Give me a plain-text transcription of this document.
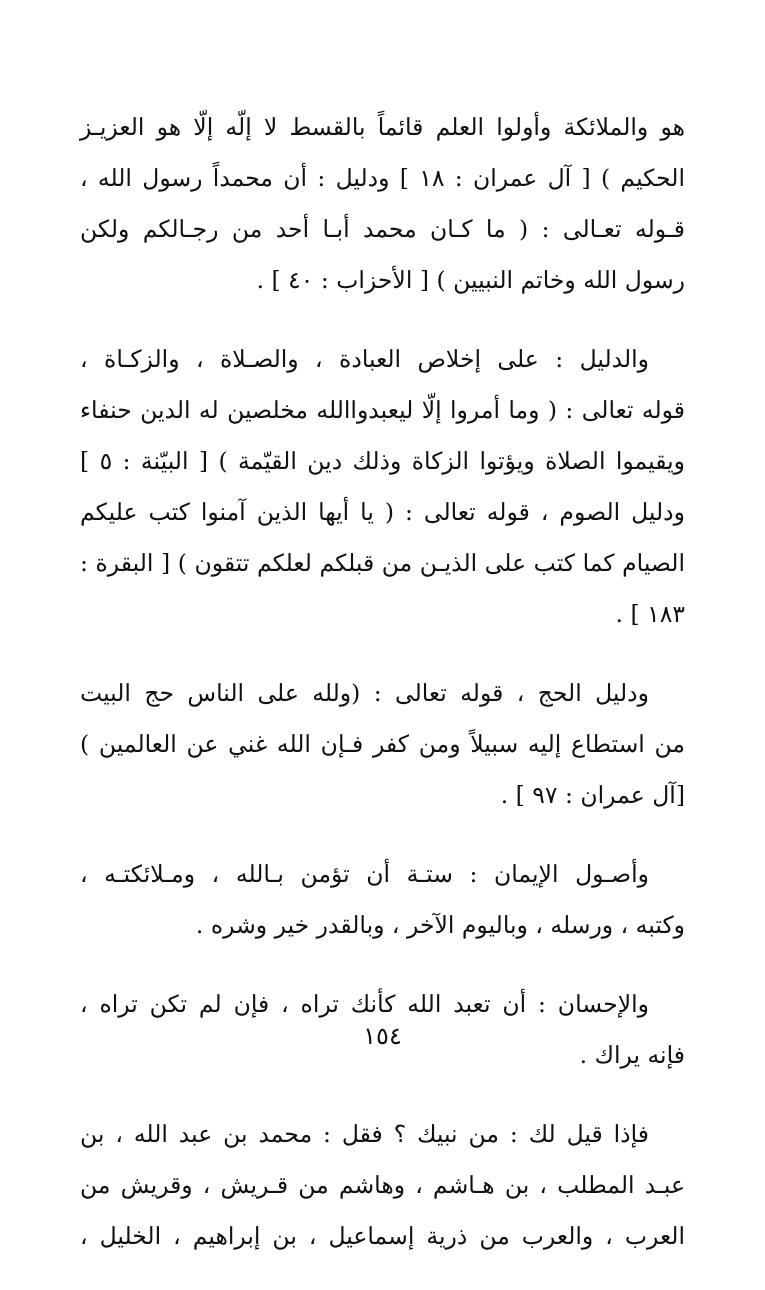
هو والملائكة وأولوا العلم قائماً بالقسط لا إلّه إلّا هو العزيـز
الحكيم ) [ آل عمران : ١٨ ] ودليل : أن محمداً رسول الله ،
قـوله تعـالى : ( ما كـان محمد أبـا أحد من رجـالكم ولكن
رسول الله وخاتم النبيين ) [ الأحزاب : ٤٠ ] .

والدليل : على إخلاص العبادة ، والصـلاة ، والزكـاة ،
قوله تعالى : ( وما أمروا إلّا ليعبدواالله مخلصين له الدين حنفاء
ويقيموا الصلاة ويؤتوا الزكاة وذلك دين القيّمة ) [ البيّنة : ٥ ]
ودليل الصوم ، قوله تعالى : ( يا أيها الذين آمنوا كتب عليكم
الصيام كما كتب على الذيـن من قبلكم لعلكم تتقون ) [ البقرة :
١٨٣ ] .

ودليل الحج ، قوله تعالى : (ولله على الناس حج البيت
من استطاع إليه سبيلاً ومن كفر فـإن الله غني عن العالمين )
[آل عمران : ٩٧ ] .

وأصـول الإيمان : ستـة أن تؤمن بـالله ، ومـلائكتـه ،
وكتبه ، ورسله ، وباليوم الآخر ، وبالقدر خير وشره .

والإحسان : أن تعبد الله كأنك تراه ، فإن لم تكن تراه ،
فإنه يراك .

فإذا قيل لك : من نبيك ؟ فقل : محمد بن عبد الله ، بن
عبـد المطلب ، بن هـاشم ، وهاشم من قـريش ، وقريش من
العرب ، والعرب من ذرية إسماعيل ، بن إبراهيم ، الخليل ،

١٥٤
